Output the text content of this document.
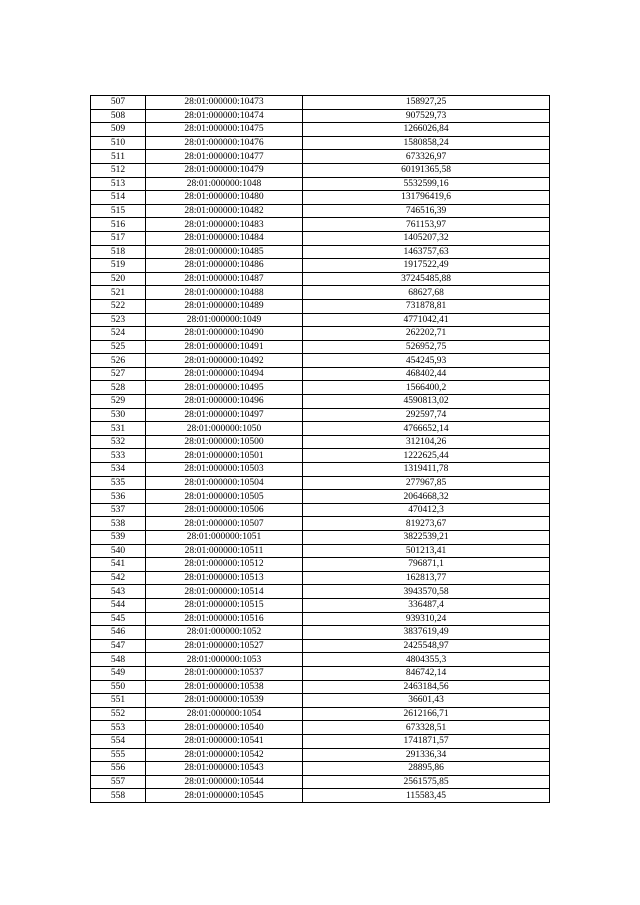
507	28:01:000000:10473	158927,25
508	28:01:000000:10474	907529,73
509	28:01:000000:10475	1266026,84
510	28:01:000000:10476	1580858,24
511	28:01:000000:10477	673326,97
512	28:01:000000:10479	60191365,58
513	28:01:000000:1048	5532599,16
514	28:01:000000:10480	131796419,6
515	28:01:000000:10482	746516,39
516	28:01:000000:10483	761153,97
517	28:01:000000:10484	1405207,32
518	28:01:000000:10485	1463757,63
519	28:01:000000:10486	1917522,49
520	28:01:000000:10487	37245485,88
521	28:01:000000:10488	68627,68
522	28:01:000000:10489	731878,81
523	28:01:000000:1049	4771042,41
524	28:01:000000:10490	262202,71
525	28:01:000000:10491	526952,75
526	28:01:000000:10492	454245,93
527	28:01:000000:10494	468402,44
528	28:01:000000:10495	1566400,2
529	28:01:000000:10496	4590813,02
530	28:01:000000:10497	292597,74
531	28:01:000000:1050	4766652,14
532	28:01:000000:10500	312104,26
533	28:01:000000:10501	1222625,44
534	28:01:000000:10503	1319411,78
535	28:01:000000:10504	277967,85
536	28:01:000000:10505	2064668,32
537	28:01:000000:10506	470412,3
538	28:01:000000:10507	819273,67
539	28:01:000000:1051	3822539,21
540	28:01:000000:10511	501213,41
541	28:01:000000:10512	796871,1
542	28:01:000000:10513	162813,77
543	28:01:000000:10514	3943570,58
544	28:01:000000:10515	336487,4
545	28:01:000000:10516	939310,24
546	28:01:000000:1052	3837619,49
547	28:01:000000:10527	2425548,97
548	28:01:000000:1053	4804355,3
549	28:01:000000:10537	846742,14
550	28:01:000000:10538	2463184,56
551	28:01:000000:10539	36601,43
552	28:01:000000:1054	2612166,71
553	28:01:000000:10540	673328,51
554	28:01:000000:10541	1741871,57
555	28:01:000000:10542	291336,34
556	28:01:000000:10543	28895,86
557	28:01:000000:10544	2561575,85
558	28:01:000000:10545	115583,45
